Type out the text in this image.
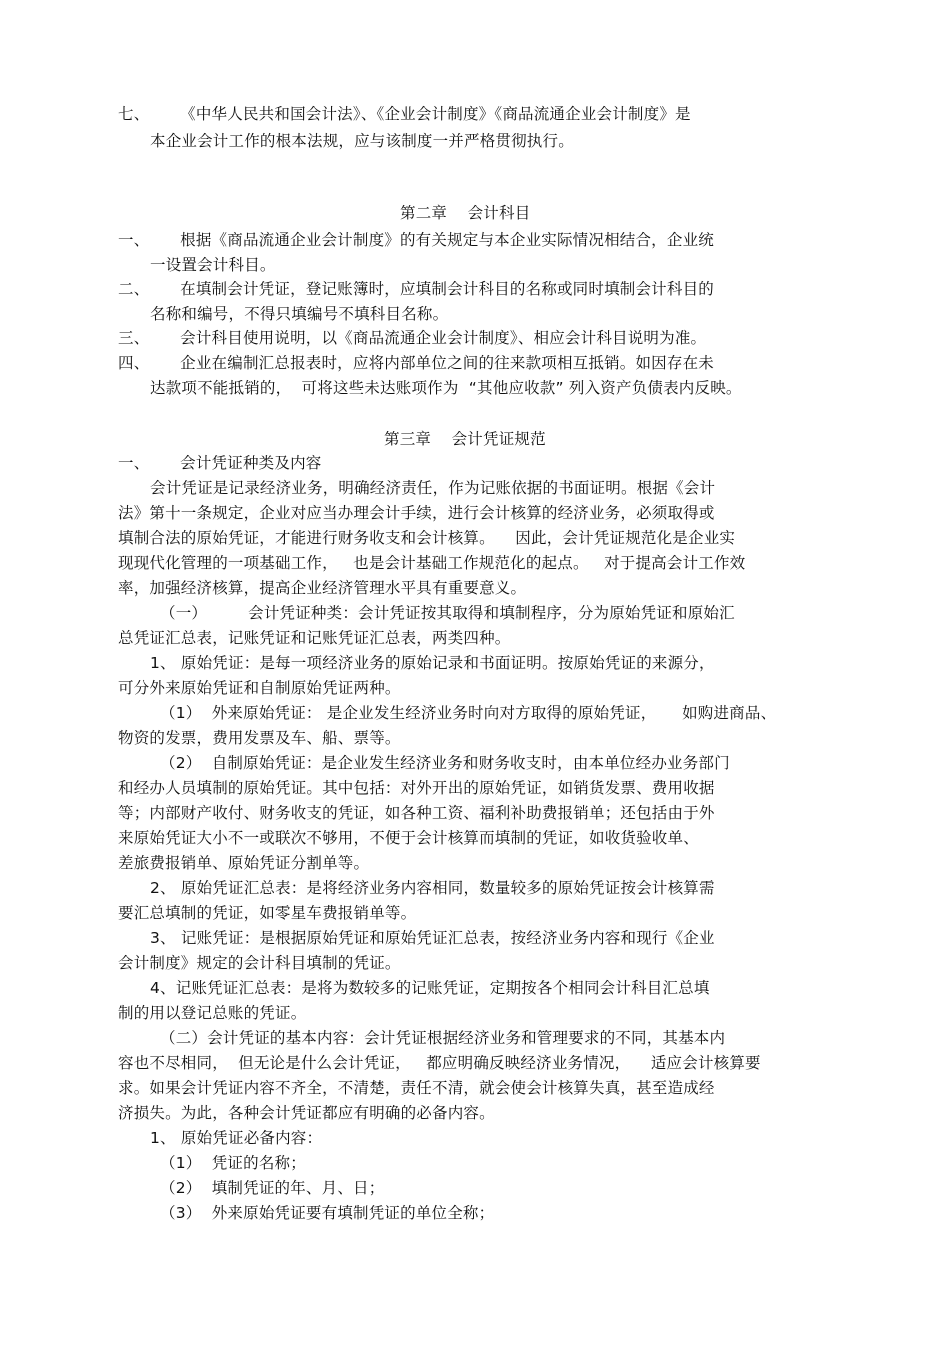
七、      《中华人民共和国会计法》、《企业会计制度》《商品流通企业会计制度》是
本企业会计工作的根本法规，应与该制度一并严格贯彻执行。
第二章    会计科目
一、      根据《商品流通企业会计制度》的有关规定与本企业实际情况相结合，企业统
一设置会计科目。
二、      在填制会计凭证，登记账簿时，应填制会计科目的名称或同时填制会计科目的
名称和编号，不得只填编号不填科目名称。
三、      会计科目使用说明，以《商品流通企业会计制度》、相应会计科目说明为准。
四、      企业在编制汇总报表时，应将内部单位之间的往来款项相互抵销。如因存在未
达款项不能抵销的，  可将这些未达账项作为  “其他应收款” 列入资产负债表内反映。
第三章    会计凭证规范
一、      会计凭证种类及内容
会计凭证是记录经济业务，明确经济责任，作为记账依据的书面证明。根据《会计
法》第十一条规定，企业对应当办理会计手续，进行会计核算的经济业务，必须取得或
填制合法的原始凭证，才能进行财务收支和会计核算。    因此，会计凭证规范化是企业实
现现代化管理的一项基础工作，   也是会计基础工作规范化的起点。   对于提高会计工作效
率，加强经济核算，提高企业经济管理水平具有重要意义。
（一）        会计凭证种类：会计凭证按其取得和填制程序，分为原始凭证和原始汇
总凭证汇总表，记账凭证和记账凭证汇总表，两类四种。
1、 原始凭证：是每一项经济业务的原始记录和书面证明。按原始凭证的来源分，
可分外来原始凭证和自制原始凭证两种。
（1）  外来原始凭证： 是企业发生经济业务时向对方取得的原始凭证，     如购进商品、
物资的发票，费用发票及车、船、票等。
（2）  自制原始凭证：是企业发生经济业务和财务收支时，由本单位经办业务部门
和经办人员填制的原始凭证。其中包括：对外开出的原始凭证，如销货发票、费用收据
等；内部财产收付、财务收支的凭证，如各种工资、福利补助费报销单；还包括由于外
来原始凭证大小不一或联次不够用，不便于会计核算而填制的凭证，如收货验收单、
差旅费报销单、原始凭证分割单等。
2、 原始凭证汇总表：是将经济业务内容相同，数量较多的原始凭证按会计核算需
要汇总填制的凭证，如零星车费报销单等。
3、 记账凭证：是根据原始凭证和原始凭证汇总表，按经济业务内容和现行《企业
会计制度》规定的会计科目填制的凭证。
4、记账凭证汇总表：是将为数较多的记账凭证，定期按各个相同会计科目汇总填
制的用以登记总账的凭证。
（二）会计凭证的基本内容：会计凭证根据经济业务和管理要求的不同，其基本内
容也不尽相同，  但无论是什么会计凭证，   都应明确反映经济业务情况，    适应会计核算要
求。如果会计凭证内容不齐全，不清楚，责任不清，就会使会计核算失真，甚至造成经
济损失。为此，各种会计凭证都应有明确的必备内容。
1、 原始凭证必备内容：
（1）  凭证的名称；
（2）  填制凭证的年、月、日；
（3）  外来原始凭证要有填制凭证的单位全称；
